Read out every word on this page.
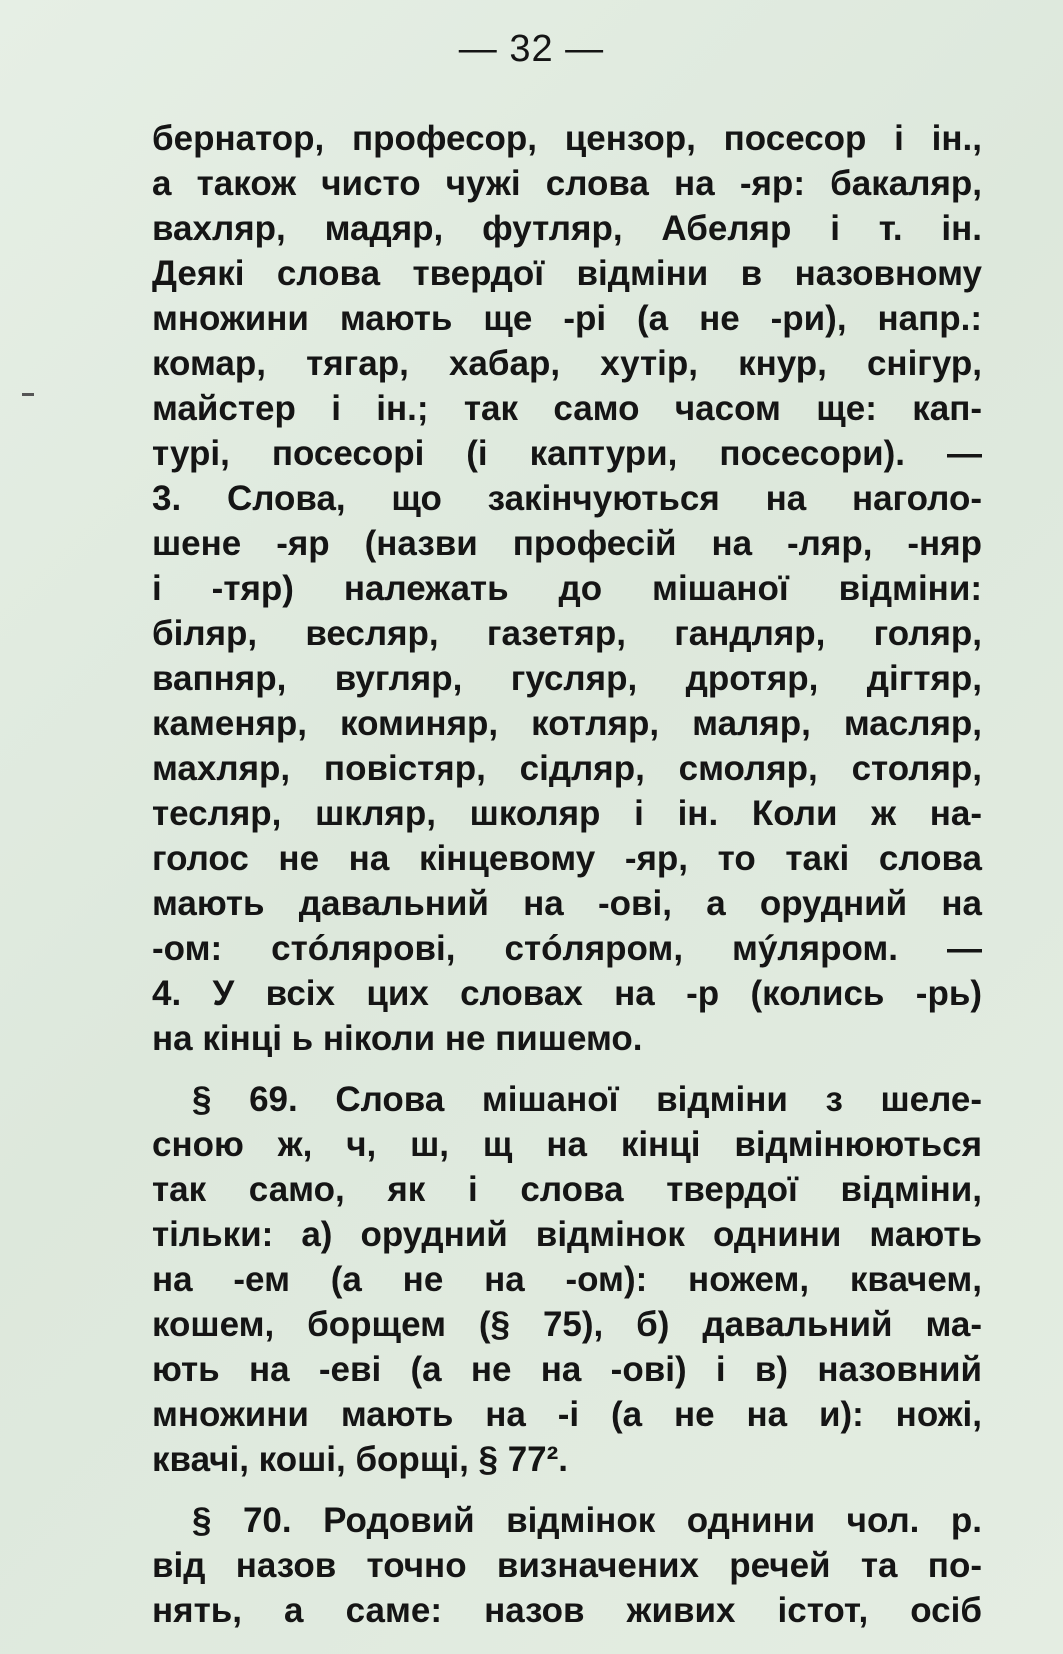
— 32 —
бернатор, професор, цензор, посесор і ін.,
а також чисто чужі слова на -яр: бакаляр,
вахляр, мадяр, футляр, Абеляр і т. ін.
Деякі слова твердої відміни в назовному
множини мають ще -рі (а не -ри), напр.:
комар, тягар, хабар, хутір, кнур, снігур,
майстер і ін.; так само часом ще: кап-
турі, посесорі (і каптури, посесори). —
3. Слова, що закінчуються на наголо-
шене -яр (назви професій на -ляр, -няр
і -тяр) належать до мішаної відміни:
біляр, весляр, газетяр, гандляр, голяр,
вапняр, вугляр, гусляр, дротяр, дігтяр,
каменяр, коминяр, котляр, маляр, масляр,
махляр, повістяр, сідляр, смоляр, столяр,
тесляр, шкляр, школяр і ін. Коли ж на-
голос не на кінцевому -яр, то такі слова
мають давальний на -ові, а орудний на
-ом: стóлярові, стóляром, мýляром. —
4. У всіх цих словах на -р (колись -рь)
на кінці ь ніколи не пишемо.
§ 69. Слова мішаної відміни з шеле-
сною ж, ч, ш, щ на кінці відмінюються
так само, як і слова твердої відміни,
тільки: а) орудний відмінок однини мають
на -ем (а не на -ом): ножем, квачем,
кошем, борщем (§ 75), б) давальний ма-
ють на -еві (а не на -ові) і в) назовний
множини мають на -і (а не на и): ножі,
квачі, коші, борщі, § 77².
§ 70. Родовий відмінок однини чол. р.
від назов точно визначених речей та по-
нять, а саме: назов живих істот, осіб
